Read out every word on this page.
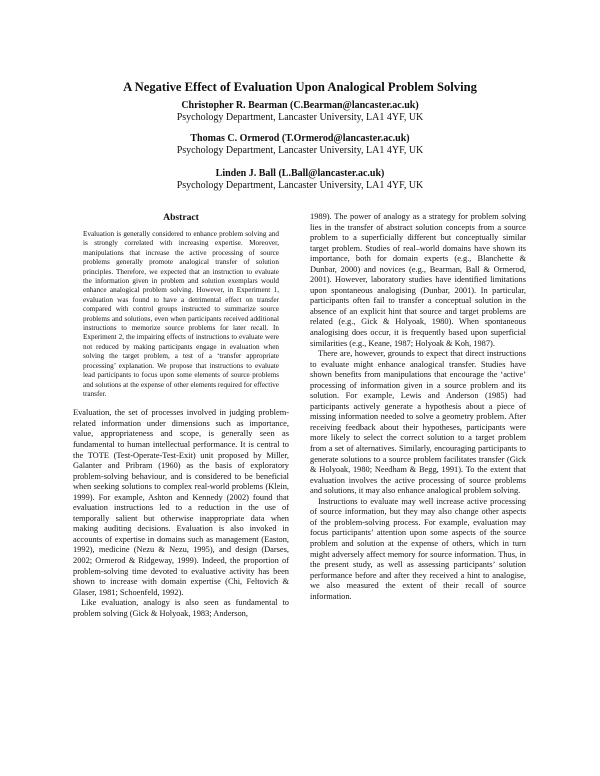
A Negative Effect of Evaluation Upon Analogical Problem Solving
Christopher R. Bearman (C.Bearman@lancaster.ac.uk)
Psychology Department, Lancaster University, LA1 4YF, UK
Thomas C. Ormerod (T.Ormerod@lancaster.ac.uk)
Psychology Department, Lancaster University, LA1 4YF, UK
Linden J. Ball (L.Ball@lancaster.ac.uk)
Psychology Department, Lancaster University, LA1 4YF, UK
Abstract

Evaluation is generally considered to enhance problem solving and is strongly correlated with increasing expertise. Moreover, manipulations that increase the active processing of source problems generally promote analogical transfer of solution principles. Therefore, we expected that an instruction to evaluate the information given in problem and solution exemplars would enhance analogical problem solving. However, in Experiment 1, evaluation was found to have a detrimental effect on transfer compared with control groups instructed to summarize source problems and solutions, even when participants received additional instructions to memorize source problems for later recall. In Experiment 2, the impairing effects of instructions to evaluate were not reduced by making participants engage in evaluation when solving the target problem, a test of a ‘transfer appropriate processing’ explanation. We propose that instructions to evaluate lead participants to focus upon some elements of source problems and solutions at the expense of other elements required for effective transfer.

Evaluation, the set of processes involved in judging problem-related information under dimensions such as importance, value, appropriateness and scope, is generally seen as fundamental to human intellectual performance. It is central to the TOTE (Test-Operate-Test-Exit) unit proposed by Miller, Galanter and Pribram (1960) as the basis of exploratory problem-solving behaviour, and is considered to be beneficial when seeking solutions to complex real-world problems (Klein, 1999). For example, Ashton and Kennedy (2002) found that evaluation instructions led to a reduction in the use of temporally salient but otherwise inappropriate data when making auditing decisions. Evaluation is also invoked in accounts of expertise in domains such as management (Easton, 1992), medicine (Nezu & Nezu, 1995), and design (Darses, 2002; Ormerod & Ridgeway, 1999). Indeed, the proportion of problem-solving time devoted to evaluative activity has been shown to increase with domain expertise (Chi, Feltovich & Glaser, 1981; Schoenfeld, 1992).

Like evaluation, analogy is also seen as fundamental to problem solving (Gick & Holyoak, 1983; Anderson,

1989). The power of analogy as a strategy for problem solving lies in the transfer of abstract solution concepts from a source problem to a superficially different but conceptually similar target problem. Studies of real–world domains have shown its importance, both for domain experts (e.g., Blanchette & Dunbar, 2000) and novices (e.g., Bearman, Ball & Ormerod, 2001). However, laboratory studies have identified limitations upon spontaneous analogising (Dunbar, 2001). In particular, participants often fail to transfer a conceptual solution in the absence of an explicit hint that source and target problems are related (e.g., Gick & Holyoak, 1980). When spontaneous analogising does occur, it is frequently based upon superficial similarities (e.g., Keane, 1987; Holyoak & Koh, 1987).

There are, however, grounds to expect that direct instructions to evaluate might enhance analogical transfer. Studies have shown benefits from manipulations that encourage the ‘active’ processing of information given in a source problem and its solution. For example, Lewis and Anderson (1985) had participants actively generate a hypothesis about a piece of missing information needed to solve a geometry problem. After receiving feedback about their hypotheses, participants were more likely to select the correct solution to a target problem from a set of alternatives. Similarly, encouraging participants to generate solutions to a source problem facilitates transfer (Gick & Holyoak, 1980; Needham & Begg, 1991). To the extent that evaluation involves the active processing of source problems and solutions, it may also enhance analogical problem solving.

Instructions to evaluate may well increase active processing of source information, but they may also change other aspects of the problem-solving process. For example, evaluation may focus participants’ attention upon some aspects of the source problem and solution at the expense of others, which in turn might adversely affect memory for source information. Thus, in the present study, as well as assessing participants’ solution performance before and after they received a hint to analogise, we also measured the extent of their recall of source information.
